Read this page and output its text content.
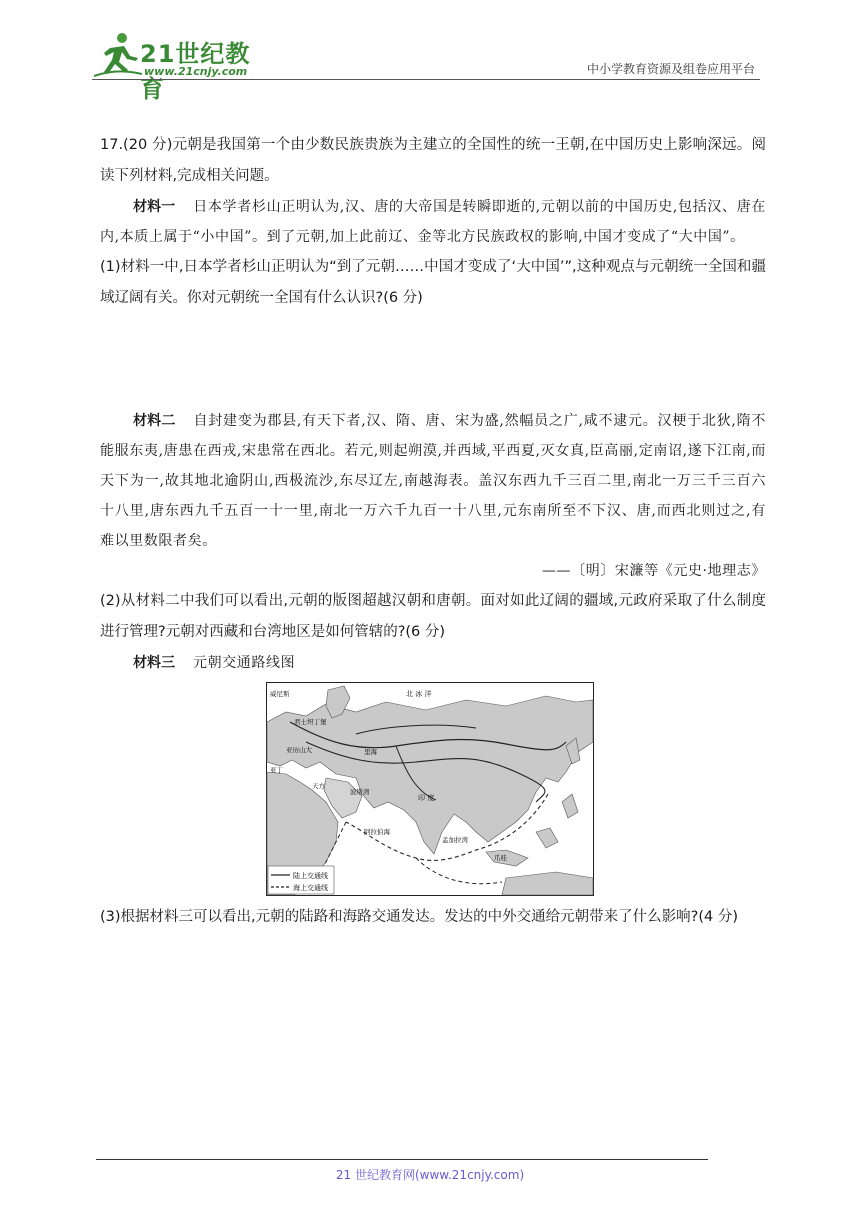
21世纪教育
www.21cnjy.com	中小学教育资源及组卷应用平台

17.(20 分)元朝是我国第一个由少数民族贵族为主建立的全国性的统一王朝,在中国历史上影响深远。阅读下列材料,完成相关问题。

材料一 日本学者杉山正明认为,汉、唐的大帝国是转瞬即逝的,元朝以前的中国历史,包括汉、唐在内,本质上属于“小中国”。到了元朝,加上此前辽、金等北方民族政权的影响,中国才变成了“大中国”。

(1)材料一中,日本学者杉山正明认为“到了元朝……中国才变成了‘大中国’”,这种观点与元朝统一全国和疆域辽阔有关。你对元朝统一全国有什么认识?(6 分)

材料二 自封建变为郡县,有天下者,汉、隋、唐、宋为盛,然幅员之广,咸不逮元。汉梗于北狄,隋不能服东夷,唐患在西戎,宋患常在西北。若元,则起朔漠,并西域,平西夏,灭女真,臣高丽,定南诏,遂下江南,而天下为一,故其地北逾阴山,西极流沙,东尽辽左,南越海表。盖汉东西九千三百二里,南北一万三千三百六十八里,唐东西九千五百一十一里,南北一万六千九百一十八里,元东南所至不下汉、唐,而西北则过之,有难以里数限者矣。

——〔明〕宋濂等《元史·地理志》

(2)从材料二中我们可以看出,元朝的版图超越汉朝和唐朝。面对如此辽阔的疆域,元政府采取了什么制度进行管理?元朝对西藏和台湾地区是如何管辖的?(6 分)

材料三 元朝交通路线图

陆上交通线
海上交通线
威尼斯	北 冰 洋
君士坦丁堡
里海
亚历山大
亚丁
天方
波斯湾
阿拉伯海
印 度
孟加拉湾
爪哇

(3)根据材料三可以看出,元朝的陆路和海路交通发达。发达的中外交通给元朝带来了什么影响?(4 分)

21 世纪教育网(www.21cnjy.com)
